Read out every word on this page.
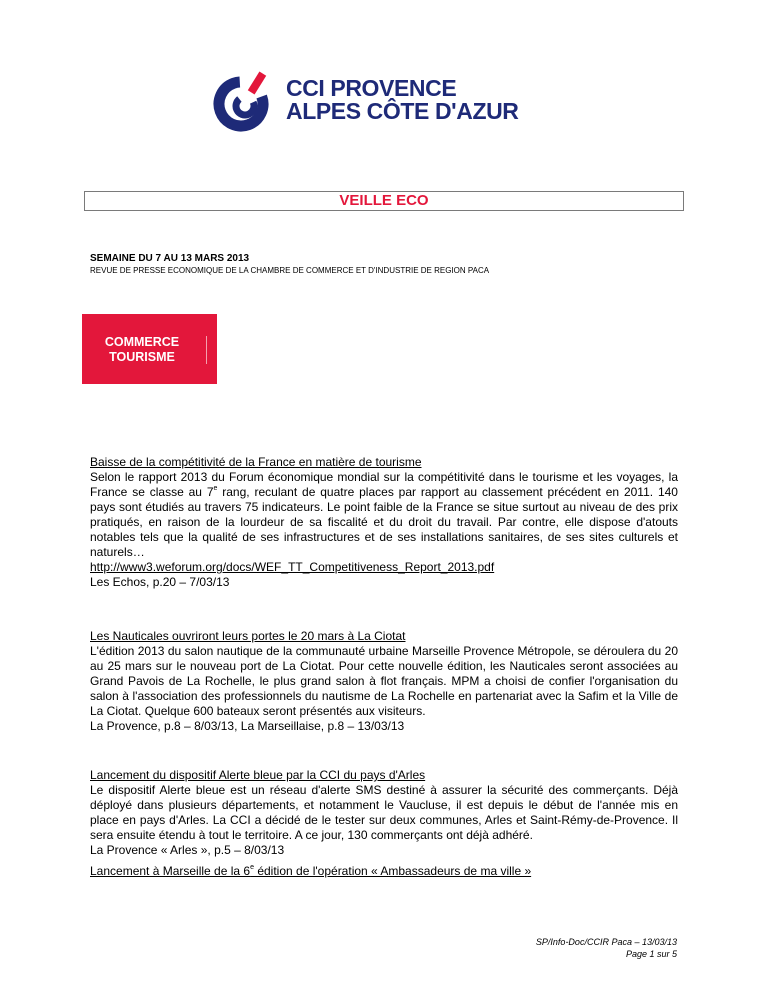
CCI PROVENCE
ALPES CÔTE D'AZUR
VEILLE ECO
SEMAINE DU 7 AU 13 MARS 2013
REVUE DE PRESSE ECONOMIQUE DE LA CHAMBRE DE COMMERCE ET D'INDUSTRIE DE REGION PACA
COMMERCE
TOURISME

Baisse de la compétitivité de la France en matière de tourisme

Selon le rapport 2013 du Forum économique mondial sur la compétitivité dans le tourisme et les voyages, la France se classe au 7e rang, reculant de quatre places par rapport au classement précédent en 2011. 140 pays sont étudiés au travers 75 indicateurs. Le point faible de la France se situe surtout au niveau de des prix pratiqués, en raison de la lourdeur de sa fiscalité et du droit du travail. Par contre, elle dispose d'atouts notables tels que la qualité de ses infrastructures et de ses installations sanitaires, de ses sites culturels et naturels…

http://www3.weforum.org/docs/WEF_TT_Competitiveness_Report_2013.pdf

Les Echos, p.20 – 7/03/13

Les Nauticales ouvriront leurs portes le 20 mars à La Ciotat

L'édition 2013 du salon nautique de la communauté urbaine Marseille Provence Métropole, se déroulera du 20 au 25 mars sur le nouveau port de La Ciotat. Pour cette nouvelle édition, les Nauticales seront associées au Grand Pavois de La Rochelle, le plus grand salon à flot français. MPM a choisi de confier l'organisation du salon à l'association des professionnels du nautisme de La Rochelle en partenariat avec la Safim et la Ville de La Ciotat. Quelque 600 bateaux seront présentés aux visiteurs.

La Provence, p.8 – 8/03/13, La Marseillaise, p.8 – 13/03/13

Lancement du dispositif Alerte bleue par la CCI du pays d'Arles

Le dispositif Alerte bleue est un réseau d'alerte SMS destiné à assurer la sécurité des commerçants. Déjà déployé dans plusieurs départements, et notamment le Vaucluse, il est depuis le début de l'année mis en place en pays d'Arles. La CCI a décidé de le tester sur deux communes, Arles et Saint-Rémy-de-Provence. Il sera ensuite étendu à tout le territoire. A ce jour, 130 commerçants ont déjà adhéré.

La Provence « Arles », p.5 – 8/03/13

Lancement à Marseille de la 6e édition de l'opération « Ambassadeurs de ma ville »

SP/Info-Doc/CCIR Paca – 13/03/13
Page 1 sur 5
